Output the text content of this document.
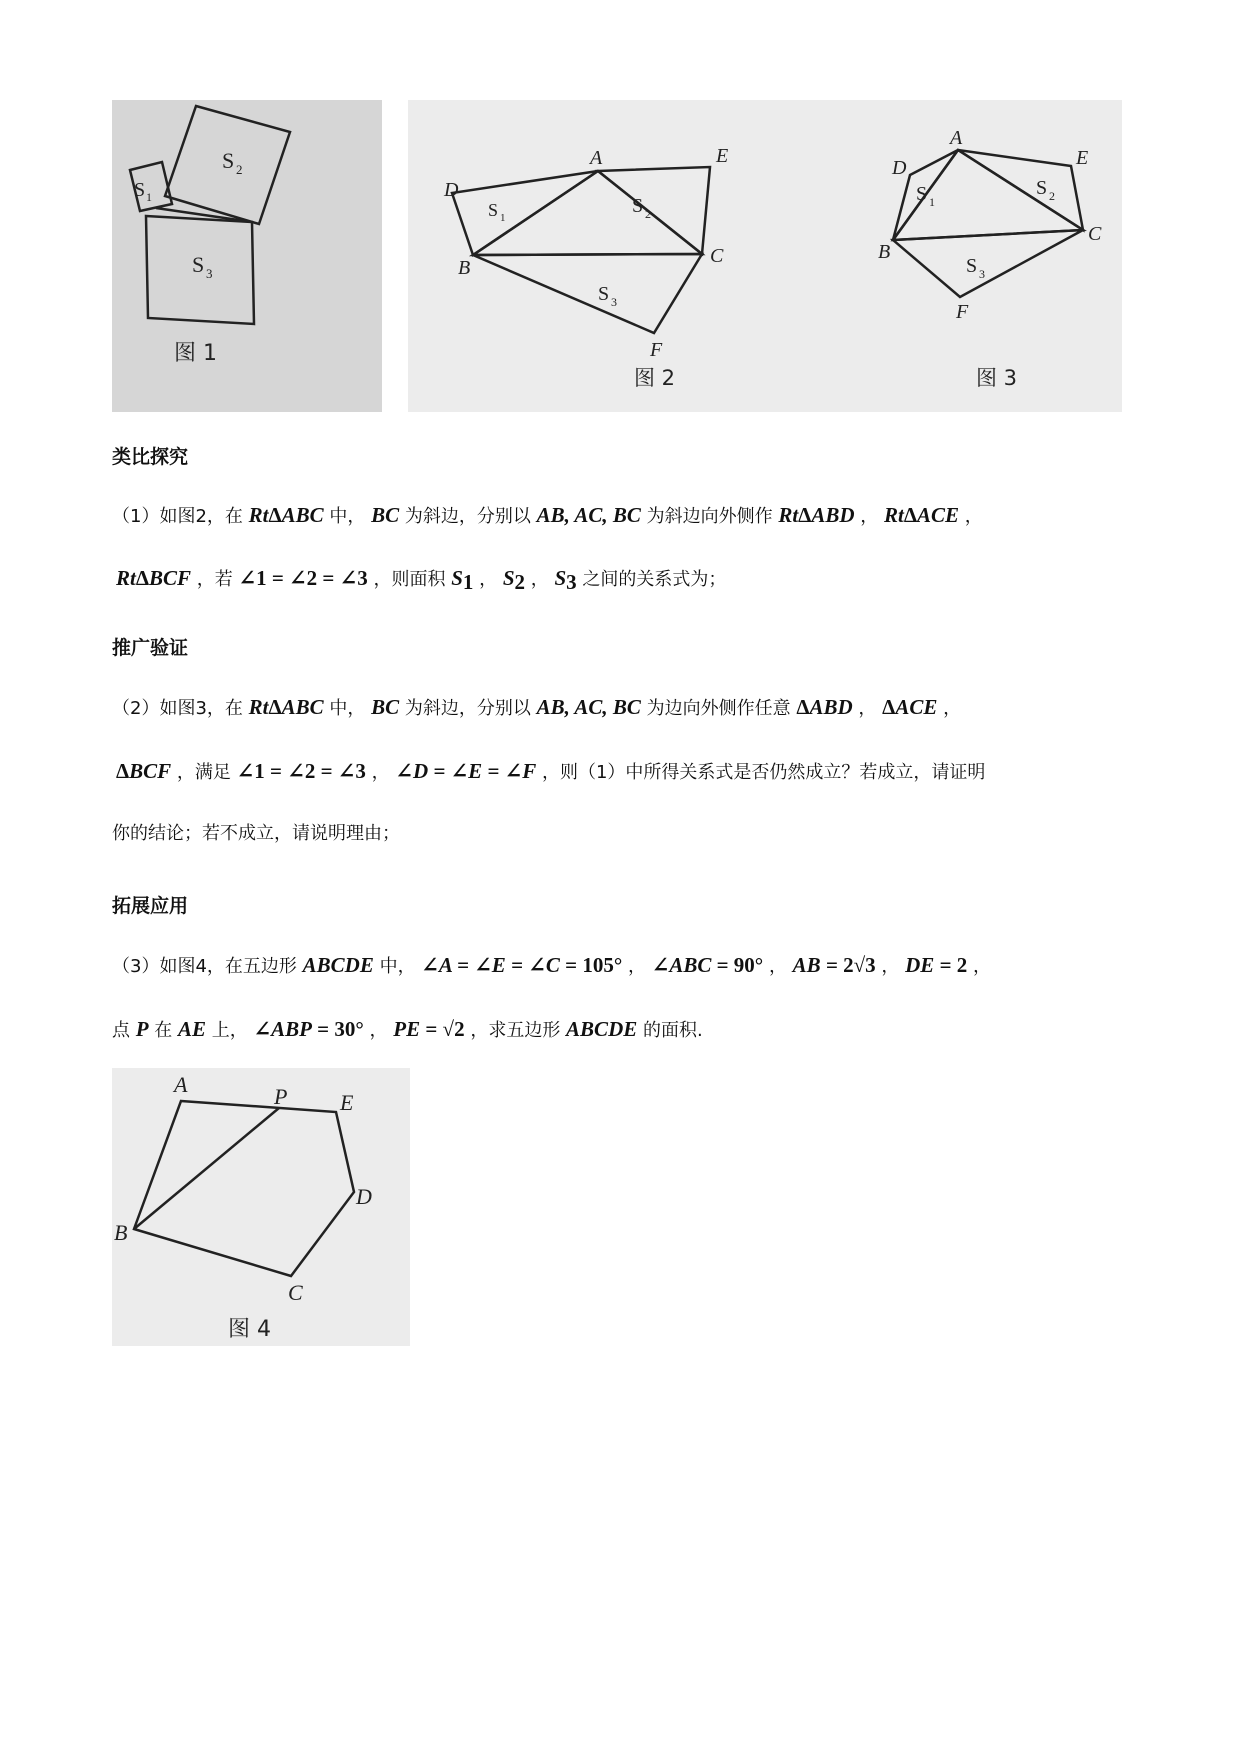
S 1
S 2
S 3
图 1
D
A	E
B
C
F
S 1
S 2
S 3
图 2
D
A
E
B
C
F
S 1
S 2
S 3
图 3
类比探究
（1）如图2，在 RtΔABC 中， BC 为斜边，分别以 AB, AC, BC 为斜边向外侧作 RtΔABD ， RtΔACE ，
RtΔBCF ，若 ∠1 = ∠2 = ∠3 ，则面积 $S_1$ ， $S_2$ ， $S_3$ 之间的关系式为；
推广验证
（2）如图3，在 RtΔABC 中， BC 为斜边，分别以 AB, AC, BC 为边向外侧作任意 ΔABD ， ΔACE ，
ΔBCF ，满足 ∠1 = ∠2 = ∠3 ， ∠D = ∠E = ∠F ，则（1）中所得关系式是否仍然成立？若成立，请证明
你的结论；若不成立，请说明理由；
拓展应用
（3）如图4，在五边形 ABCDE 中， ∠A = ∠E = ∠C = 105° ， ∠ABC = 90° ， AB = 2√3 ， DE = 2 ，
点 P 在 AE 上， ∠ABP = 30° ， PE = √2 ，求五边形 ABCDE 的面积.
A	P E
D
B
C
图 4
